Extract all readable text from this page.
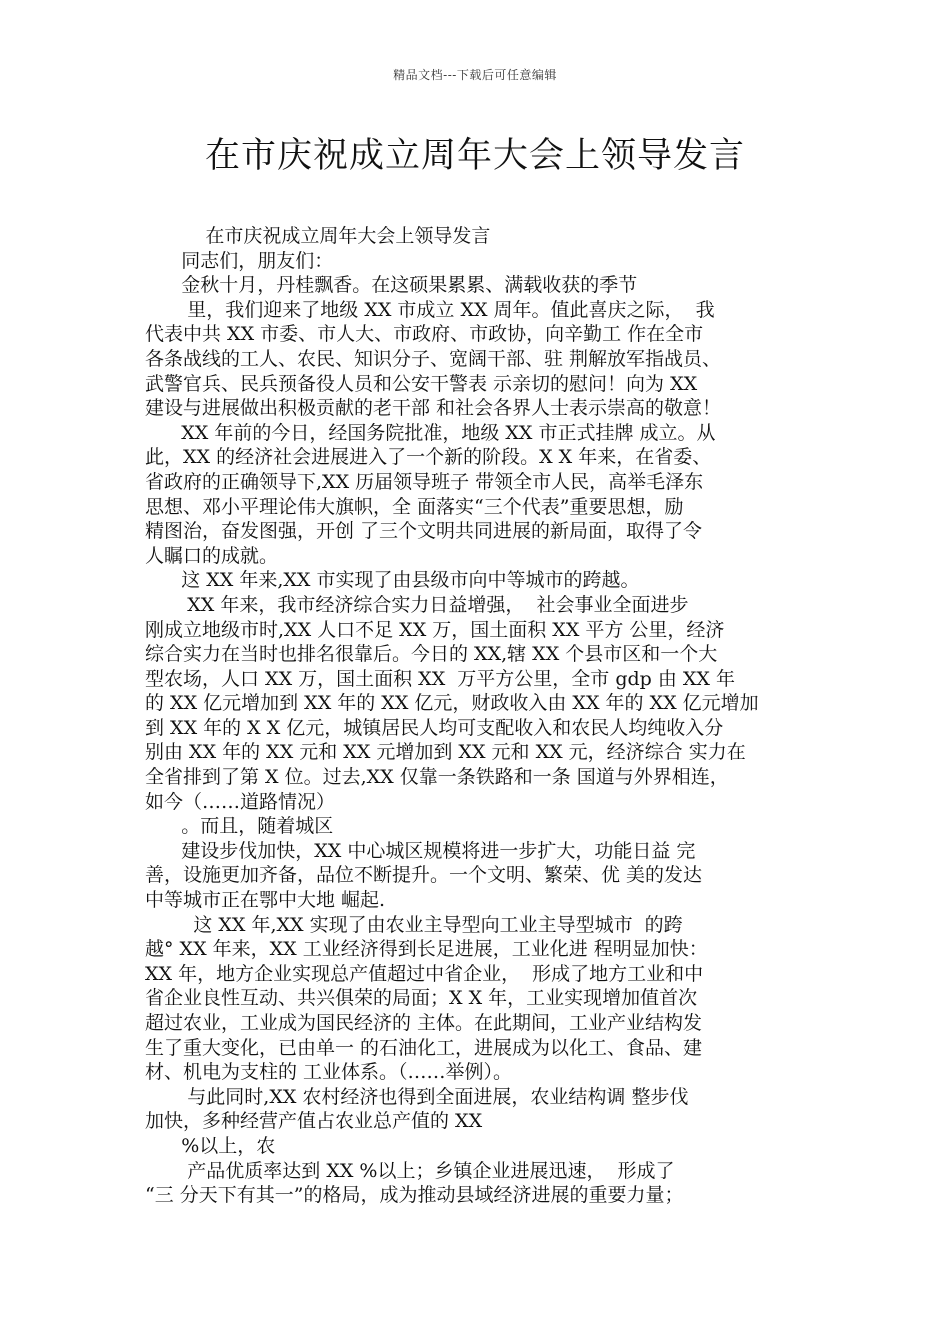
精品文档---下载后可任意编辑
在市庆祝成立周年大会上领导发言
在市庆祝成立周年大会上领导发言
同志们，朋友们：
金秋十月，丹桂飘香。在这硕果累累、满载收获的季节
里，我们迎来了地级 XX 市成立 XX 周年。值此喜庆之际，  我
代表中共 XX 市委、市人大、市政府、市政协，向辛勤工 作在全市
各条战线的工人、农民、知识分子、宽阔干部、驻 荆解放军指战员、
武警官兵、民兵预备役人员和公安干警表 示亲切的慰问！向为 XX
建设与进展做出积极贡献的老干部 和社会各界人士表示崇高的敬意！
XX 年前的今日，经国务院批准，地级 XX 市正式挂牌 成立。从
此，XX 的经济社会进展进入了一个新的阶段。X X 年来，在省委、
省政府的正确领导下,XX 历届领导班子 带领全市人民，高举毛泽东
思想、邓小平理论伟大旗帜，全 面落实“三个代表”重要思想，励
精图治，奋发图强，开创 了三个文明共同进展的新局面，取得了令
人瞩口的成就。
这 XX 年来,XX 市实现了由县级市向中等城市的跨越。
XX 年来，我市经济综合实力日益增强，  社会事业全面进步
刚成立地级市时,XX 人口不足 XX 万，国土面积 XX 平方 公里，经济
综合实力在当时也排名很靠后。今日的 XX,辖 XX 个县市区和一个大
型农场，人口 XX 万，国土面积 XX  万平方公里，全市 gdp 由 XX 年
的 XX 亿元增加到 XX 年的 XX 亿元，财政收入由 XX 年的 XX 亿元增加
到 XX 年的 X X 亿元，城镇居民人均可支配收入和农民人均纯收入分
别由 XX 年的 XX 元和 XX 元增加到 XX 元和 XX 元，经济综合 实力在
全省排到了第 X 位。过去,XX 仅靠一条铁路和一条 国道与外界相连，
如今（……道路情况）
。而且，随着城区
建设步伐加快，XX 中心城区规模将进一步扩大，功能日益 完
善，设施更加齐备，品位不断提升。一个文明、繁荣、优 美的发达
中等城市正在鄂中大地 崛起.
这 XX 年,XX 实现了由农业主导型向工业主导型城市  的跨
越° XX 年来，XX 工业经济得到长足进展，工业化进 程明显加快：
XX 年，地方企业实现总产值超过中省企业，  形成了地方工业和中
省企业良性互动、共兴俱荣的局面；X X 年，工业实现增加值首次
超过农业，工业成为国民经济的 主体。在此期间，工业产业结构发
生了重大变化，已由单一 的石油化工，进展成为以化工、食品、建
材、机电为支柱的 工业体系。（……举例）。
与此同时,XX 农村经济也得到全面进展，农业结构调 整步伐
加快，多种经营产值占农业总产值的 XX
%以上，农
产品优质率达到 XX %以上；乡镇企业进展迅速，  形成了
“三 分天下有其一”的格局，成为推动县域经济进展的重要力量；
